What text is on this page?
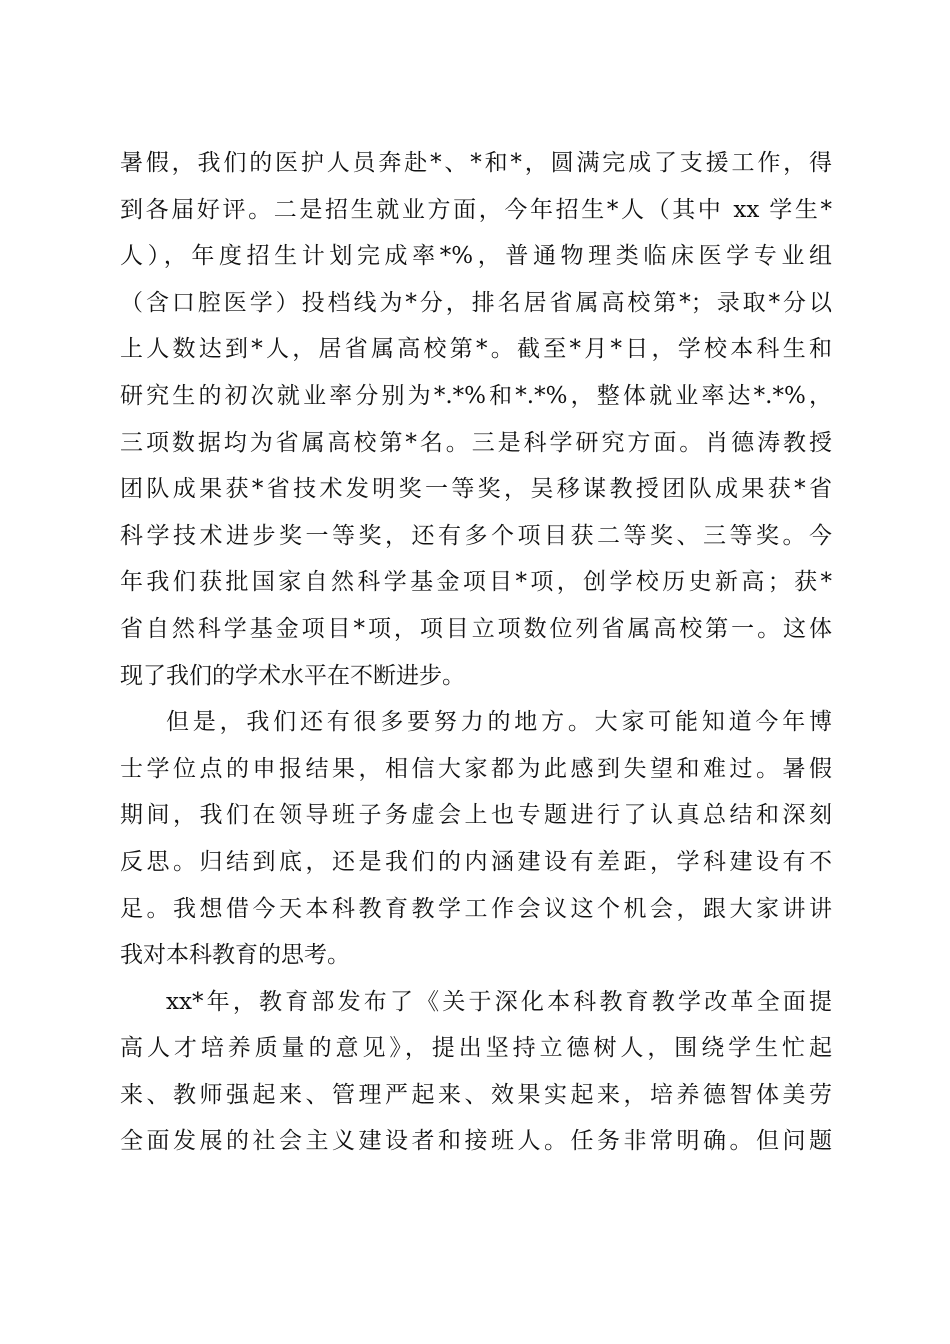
暑假，我们的医护人员奔赴*、*和*，圆满完成了支援工作，得
到各届好评。二是招生就业方面，今年招生*人（其中 xx 学生*
人），年度招生计划完成率*%，普通物理类临床医学专业组
（含口腔医学）投档线为*分，排名居省属高校第*；录取*分以
上人数达到*人，居省属高校第*。截至*月*日，学校本科生和
研究生的初次就业率分别为*.*%和*.*%，整体就业率达*.*%，
三项数据均为省属高校第*名。三是科学研究方面。肖德涛教授
团队成果获*省技术发明奖一等奖，吴移谋教授团队成果获*省
科学技术进步奖一等奖，还有多个项目获二等奖、三等奖。今
年我们获批国家自然科学基金项目*项，创学校历史新高；获*
省自然科学基金项目*项，项目立项数位列省属高校第一。这体
现了我们的学术水平在不断进步。
但是，我们还有很多要努力的地方。大家可能知道今年博
士学位点的申报结果，相信大家都为此感到失望和难过。暑假
期间，我们在领导班子务虚会上也专题进行了认真总结和深刻
反思。归结到底，还是我们的内涵建设有差距，学科建设有不
足。我想借今天本科教育教学工作会议这个机会，跟大家讲讲
我对本科教育的思考。
xx*年，教育部发布了《关于深化本科教育教学改革全面提
高人才培养质量的意见》，提出坚持立德树人，围绕学生忙起
来、教师强起来、管理严起来、效果实起来，培养德智体美劳
全面发展的社会主义建设者和接班人。任务非常明确。但问题
